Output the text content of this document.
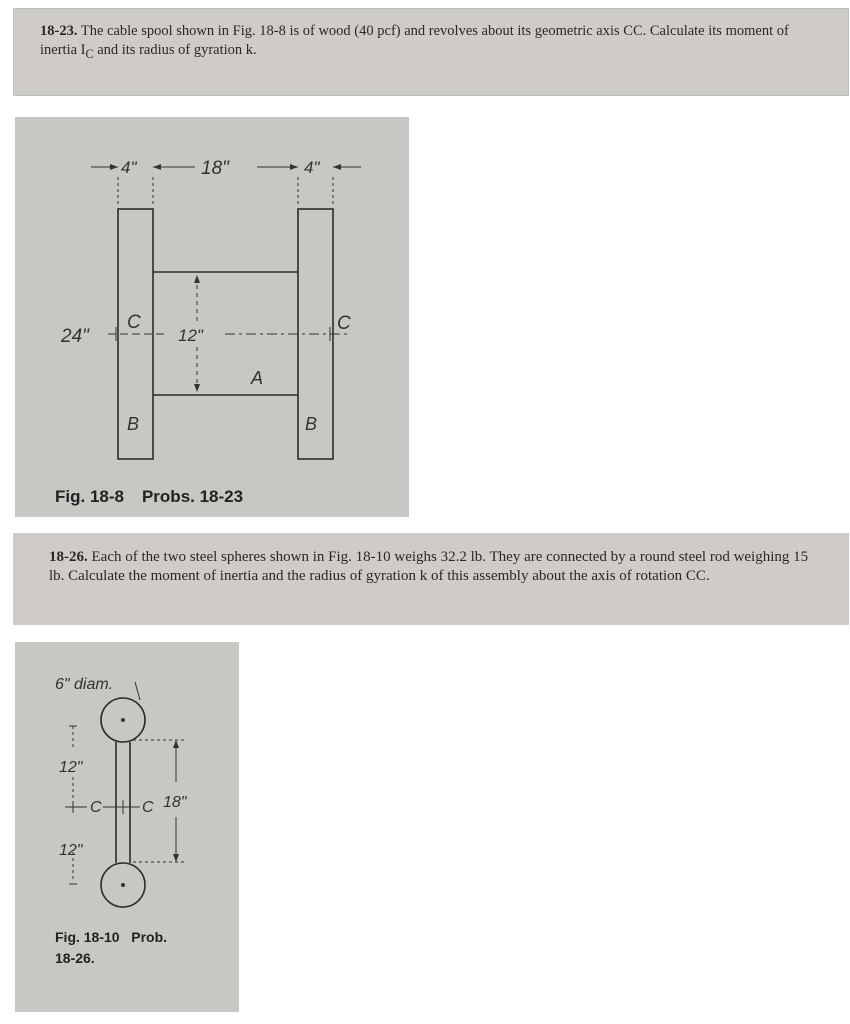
18-23. The cable spool shown in Fig. 18-8 is of wood (40 pcf) and revolves about its geometric axis CC. Calculate its moment of inertia $I_C$ and its radius of gyration k.
4"	18"	4"
24"
C
12"
C
A
B	B
Fig. 18-8 Probs. 18-23
18-26. Each of the two steel spheres shown in Fig. 18-10 weighs 32.2 lb. They are connected by a round steel rod weighing 15 lb. Calculate the moment of inertia and the radius of gyration k of this assembly about the axis of rotation CC.
6" diam.
12"
C	C 18"
12"
Fig. 18-10 Prob.
18-26.
